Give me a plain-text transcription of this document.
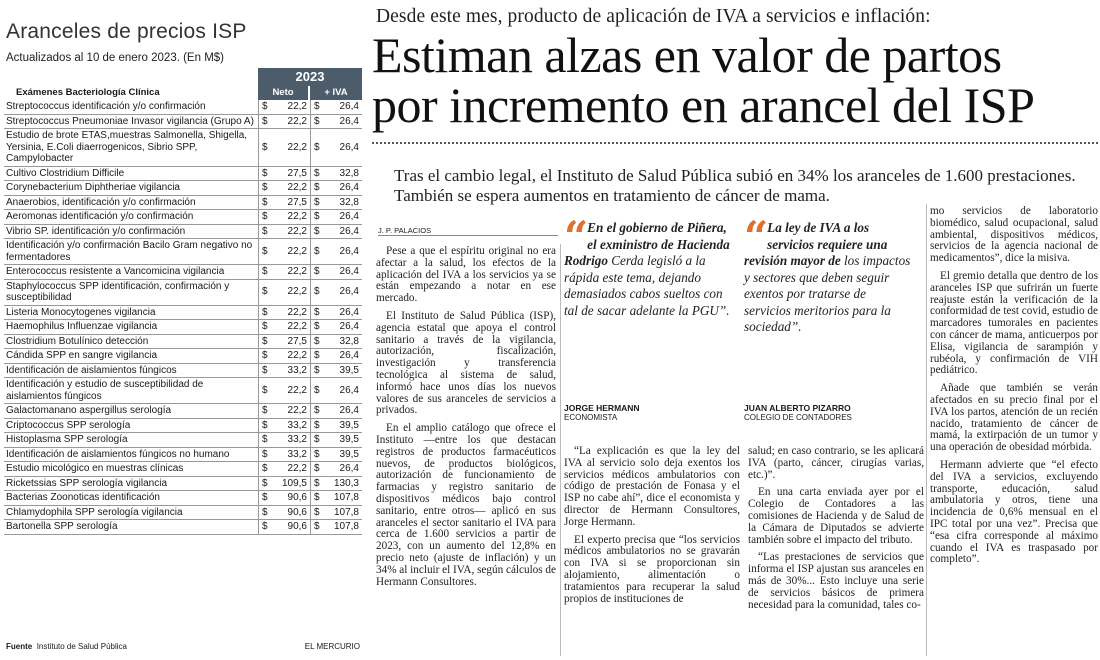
Aranceles de precios ISP
Actualizados al 10 de enero 2023. (En M$)
Exámenes Bacteriología Clínica
2023
Neto	+ IVA
Streptococcus identificación y/o confirmación	$ 22,2 $ 26,4
Streptococcus Pneumoniae Invasor vigilancia (Grupo A) $ 22,2 $ 26,4
Estudio de brote ETAS,muestras Salmonella, Shigella, Yersinia, E.Coli diaerrogenicos, Sibrio SPP, Campylobacter
$ 22,2 $ 26,4
Cultivo Clostridium Difficile	$ 27,5 $ 32,8
Corynebacterium Diphtheriae vigilancia	$ 22,2 $ 26,4
Anaerobios, identificación y/o confirmación	$ 27,5 $ 32,8
Aeromonas identificación y/o confirmación	$ 22,2 $ 26,4
Vibrio SP. identificación y/o confirmación	$ 22,2 $ 26,4
Identificación y/o confirmación Bacilo Gram negativo no fermentadores
$ 22,2 $ 26,4
Enterococcus resistente a Vancomicina vigilancia	$ 22,2 $ 26,4
Staphylococcus SPP identificación, confirmación y susceptibilidad
$ 22,2 $ 26,4
Listeria Monocytogenes vigilancia	$ 22,2 $ 26,4
Haemophilus Influenzae vigilancia	$ 22,2 $ 26,4
Clostridium Botulínico detección	$ 27,5 $ 32,8
Cándida SPP en sangre vigilancia	$ 22,2 $ 26,4
Identificación de aislamientos fúngicos	$ 33,2 $ 39,5
Identificación y estudio de susceptibilidad de aislamientos fúngicos
$ 22,2 $ 26,4
Galactomanano aspergillus serología	$ 22,2 $ 26,4
Criptococcus SPP serología	$ 33,2 $ 39,5
Histoplasma SPP serología	$ 33,2 $ 39,5
Identificación de aislamientos fúngicos no humano	$ 33,2 $ 39,5
Estudio micológico en muestras clínicas	$ 22,2 $ 26,4
Ricketssias SPP serología vigilancia	$ 109,5 $ 130,3
Bacterias Zoonoticas identificación	$ 90,6 $ 107,8
Chlamydophila SPP serología vigilancia	$ 90,6 $ 107,8
Bartonella SPP serología	$ 90,6 $ 107,8
Fuente Instituto de Salud Pública	EL MERCURIO
Desde este mes, producto de aplicación de IVA a servicios e inflación:
Estiman alzas en valor de partos
por incremento en arancel del ISP
Tras el cambio legal, el Instituto de Salud Pública subió en 34% los aranceles de 1.600 prestaciones. También se espera aumentos en tratamiento de cáncer de mama.
J. P. PALACIOS

Pese a que el espíritu original no era afectar a la salud, los efectos de la aplicación del IVA a los servicios ya se están empezando a notar en ese mercado.

El Instituto de Salud Pública (ISP), agencia estatal que apoya el control sanitario a través de la vigilancia, autorización, fiscalización, investigación y transferencia tecnológica al sistema de salud, informó hace unos días los nuevos valores de sus aranceles de servicios a privados.

En el amplio catálogo que ofrece el Instituto —entre los que destacan registros de productos farmacéuticos nuevos, de productos biológicos, autorización de funcionamiento de farmacias y registro sanitario de dispositivos médicos bajo control sanitario, entre otros— aplicó en sus aranceles el sector sanitario el IVA para cerca de 1.600 servicios a partir de 2023, con un aumento del 12,8% en precio neto (ajuste de inflación) y un 34% al incluir el IVA, según cálculos de Hermann Consultores.

“ En el gobierno de Piñera, el exministro de Hacienda Rodrigo Cerda legisló a la rápida este tema, dejando demasiados cabos sueltos con tal de sacar adelante la PGU”.
JORGE HERMANN
ECONOMISTA
“ La ley de IVA a los servicios requiere una revisión mayor de los impactos y sectores que deben seguir exentos por tratarse de servicios meritorios para la sociedad”.
JUAN ALBERTO PIZARRO
COLEGIO DE CONTADORES

“La explicación es que la ley del IVA al servicio solo deja exentos los servicios médicos ambulatorios con código de prestación de Fonasa y el ISP no cabe ahí”, dice el economista y director de Hermann Consultores, Jorge Hermann.

El experto precisa que “los servicios médicos ambulatorios no se gravarán con IVA si se proporcionan sin alojamiento, alimentación o tratamientos para recuperar la salud propios de instituciones de

salud; en caso contrario, se les aplicará IVA (parto, cáncer, cirugías varias, etc.)”.

En una carta enviada ayer por el Colegio de Contadores a las comisiones de Hacienda y de Salud de la Cámara de Diputados se advierte también sobre el impacto del tributo.

“Las prestaciones de servicios que informa el ISP ajustan sus aranceles en más de 30%... Esto incluye una serie de servicios básicos de primera necesidad para la comunidad, tales co-

mo servicios de laboratorio biomédico, salud ocupacional, salud ambiental, dispositivos médicos, servicios de la agencia nacional de medicamentos”, dice la misiva.

El gremio detalla que dentro de los aranceles ISP que sufrirán un fuerte reajuste están la verificación de la conformidad de test covid, estudio de marcadores tumorales en pacientes con cáncer de mama, anticuerpos por Elisa, vigilancia de sarampión y rubéola, y confirmación de VIH pediátrico.

Añade que también se verán afectados en su precio final por el IVA los partos, atención de un recién nacido, tratamiento de cáncer de mamá, la extirpación de un tumor y una operación de obesidad mórbida.

Hermann advierte que “el efecto del IVA a servicios, excluyendo transporte, educación, salud ambulatoria y otros, tiene una incidencia de 0,6% mensual en el IPC total por una vez”. Precisa que “esa cifra corresponde al máximo cuando el IVA es traspasado por completo”.
